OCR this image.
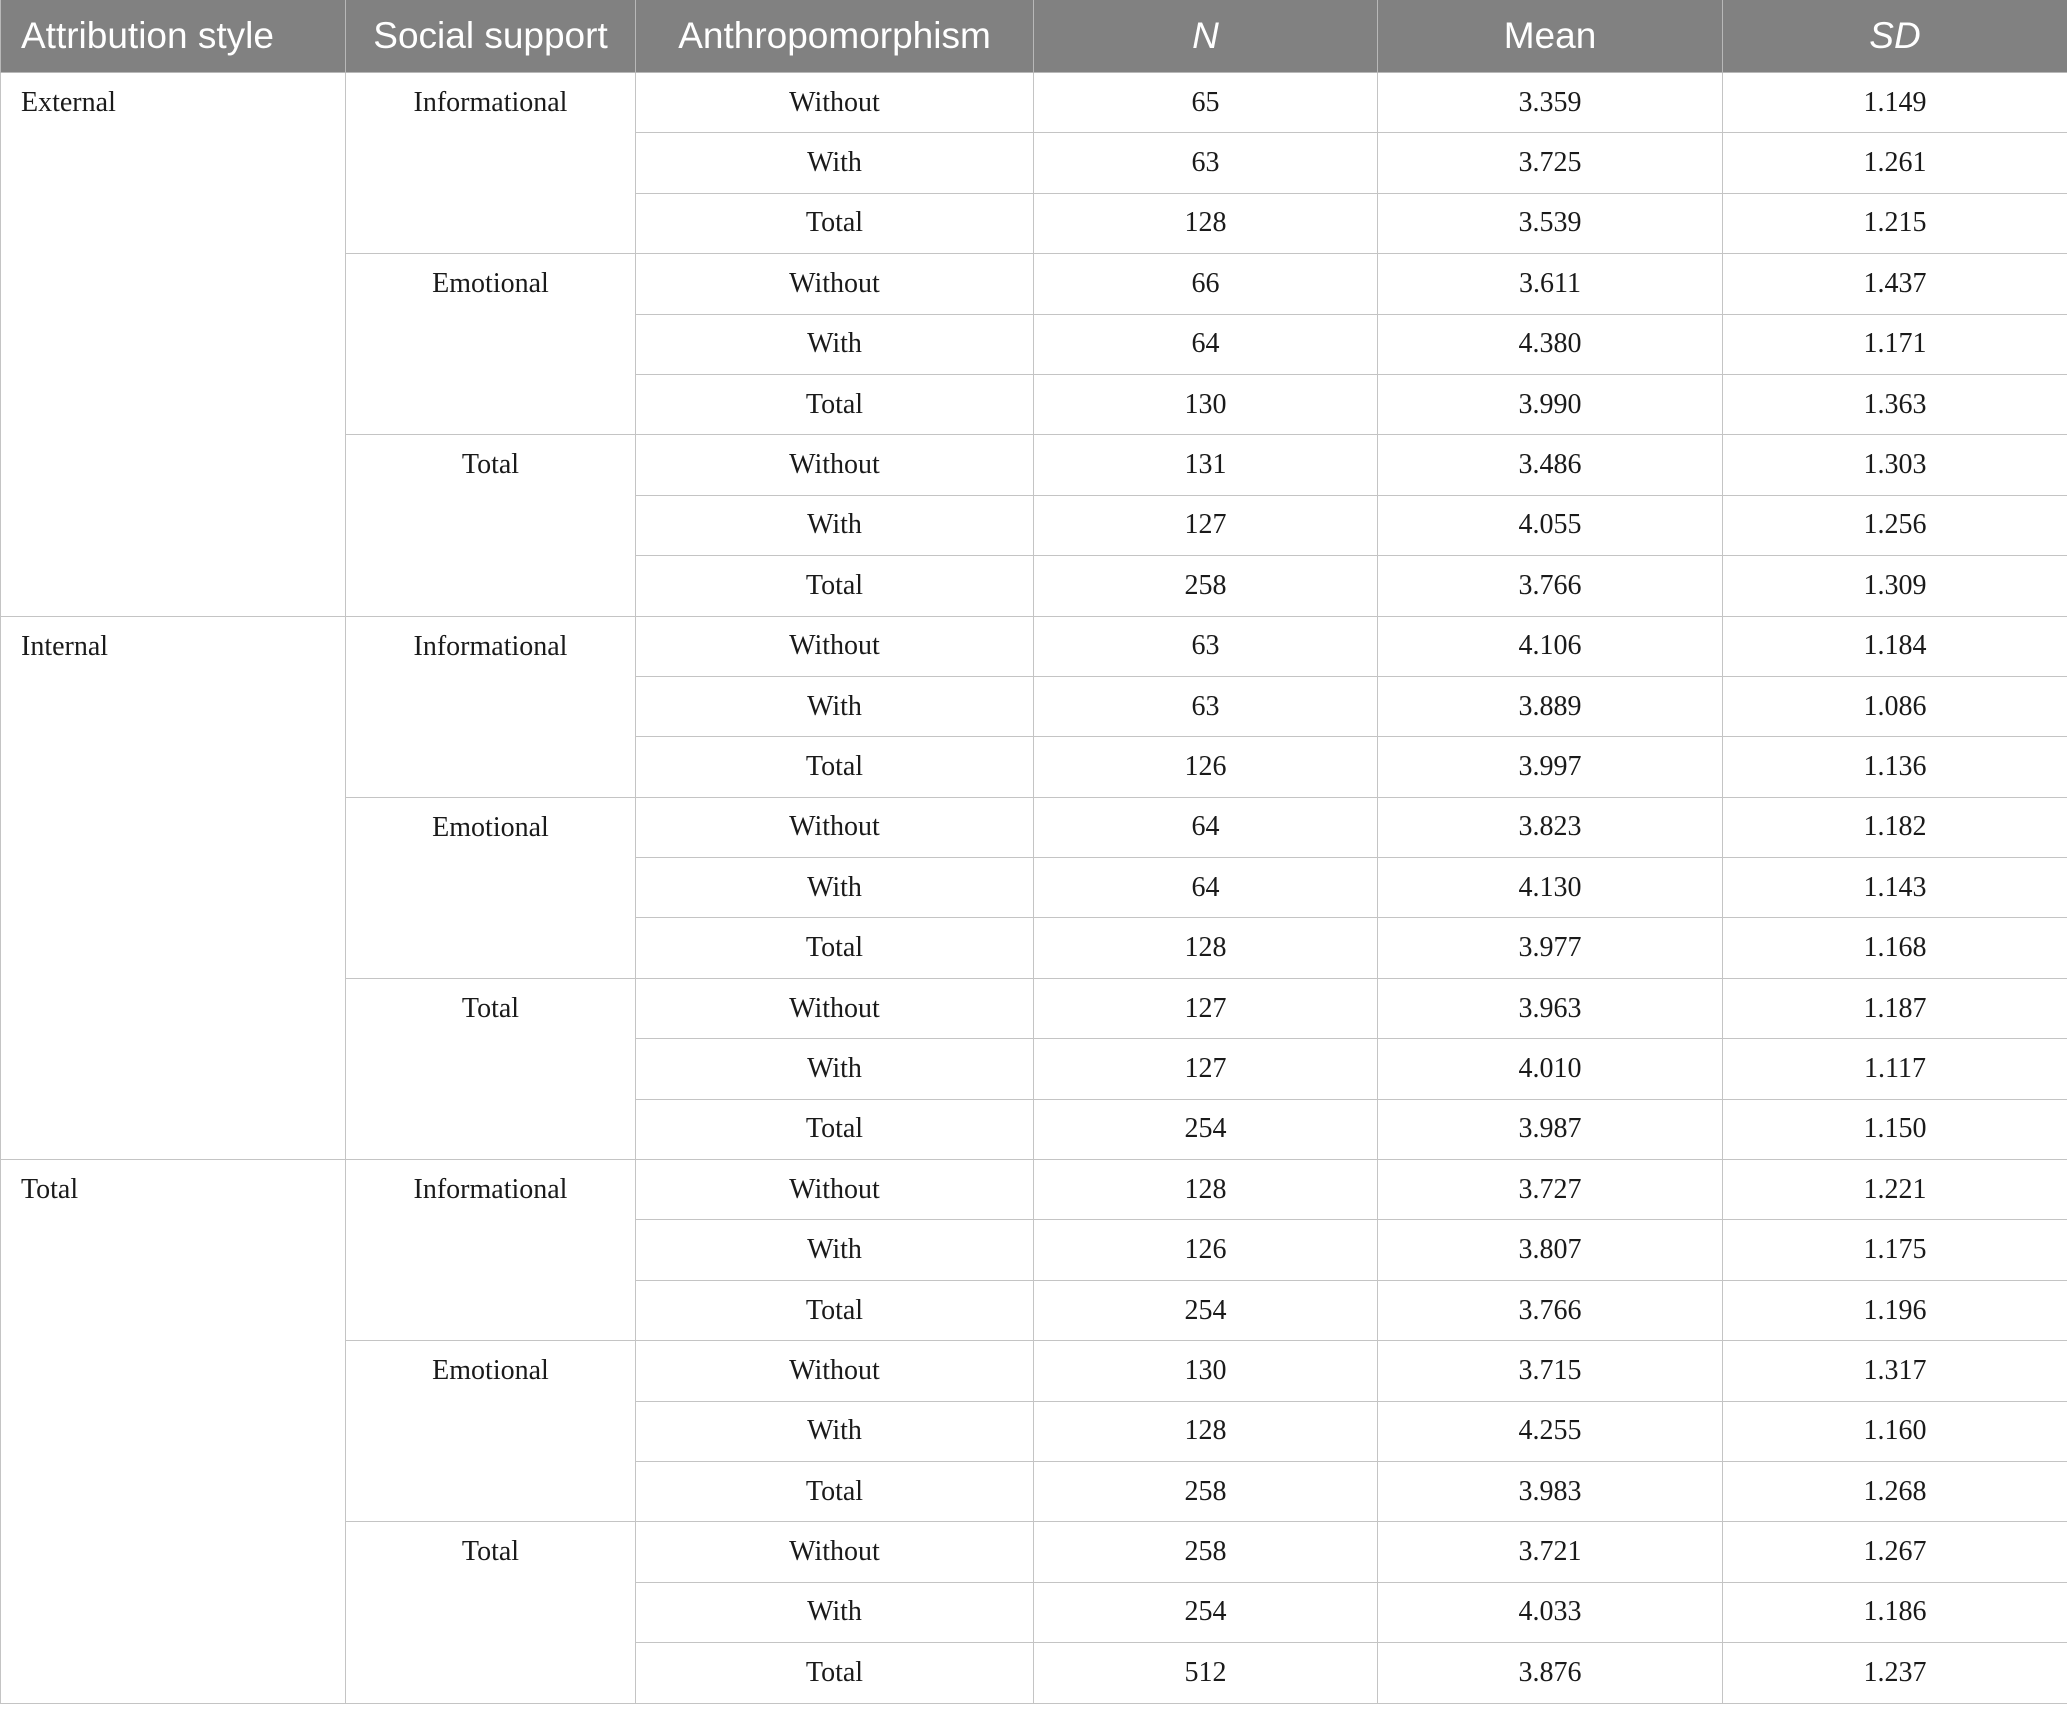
Attribution style	Social support	Anthropomorphism	N	Mean	SD
External	Informational	Without	65	3.359	1.149
		With	63	3.725	1.261
		Total	128	3.539	1.215
	Emotional	Without	66	3.611	1.437
		With	64	4.380	1.171
		Total	130	3.990	1.363
	Total	Without	131	3.486	1.303
		With	127	4.055	1.256
		Total	258	3.766	1.309
Internal	Informational	Without	63	4.106	1.184
		With	63	3.889	1.086
		Total	126	3.997	1.136
	Emotional	Without	64	3.823	1.182
		With	64	4.130	1.143
		Total	128	3.977	1.168
	Total	Without	127	3.963	1.187
		With	127	4.010	1.117
		Total	254	3.987	1.150
Total	Informational	Without	128	3.727	1.221
		With	126	3.807	1.175
		Total	254	3.766	1.196
	Emotional	Without	130	3.715	1.317
		With	128	4.255	1.160
		Total	258	3.983	1.268
	Total	Without	258	3.721	1.267
		With	254	4.033	1.186
		Total	512	3.876	1.237
